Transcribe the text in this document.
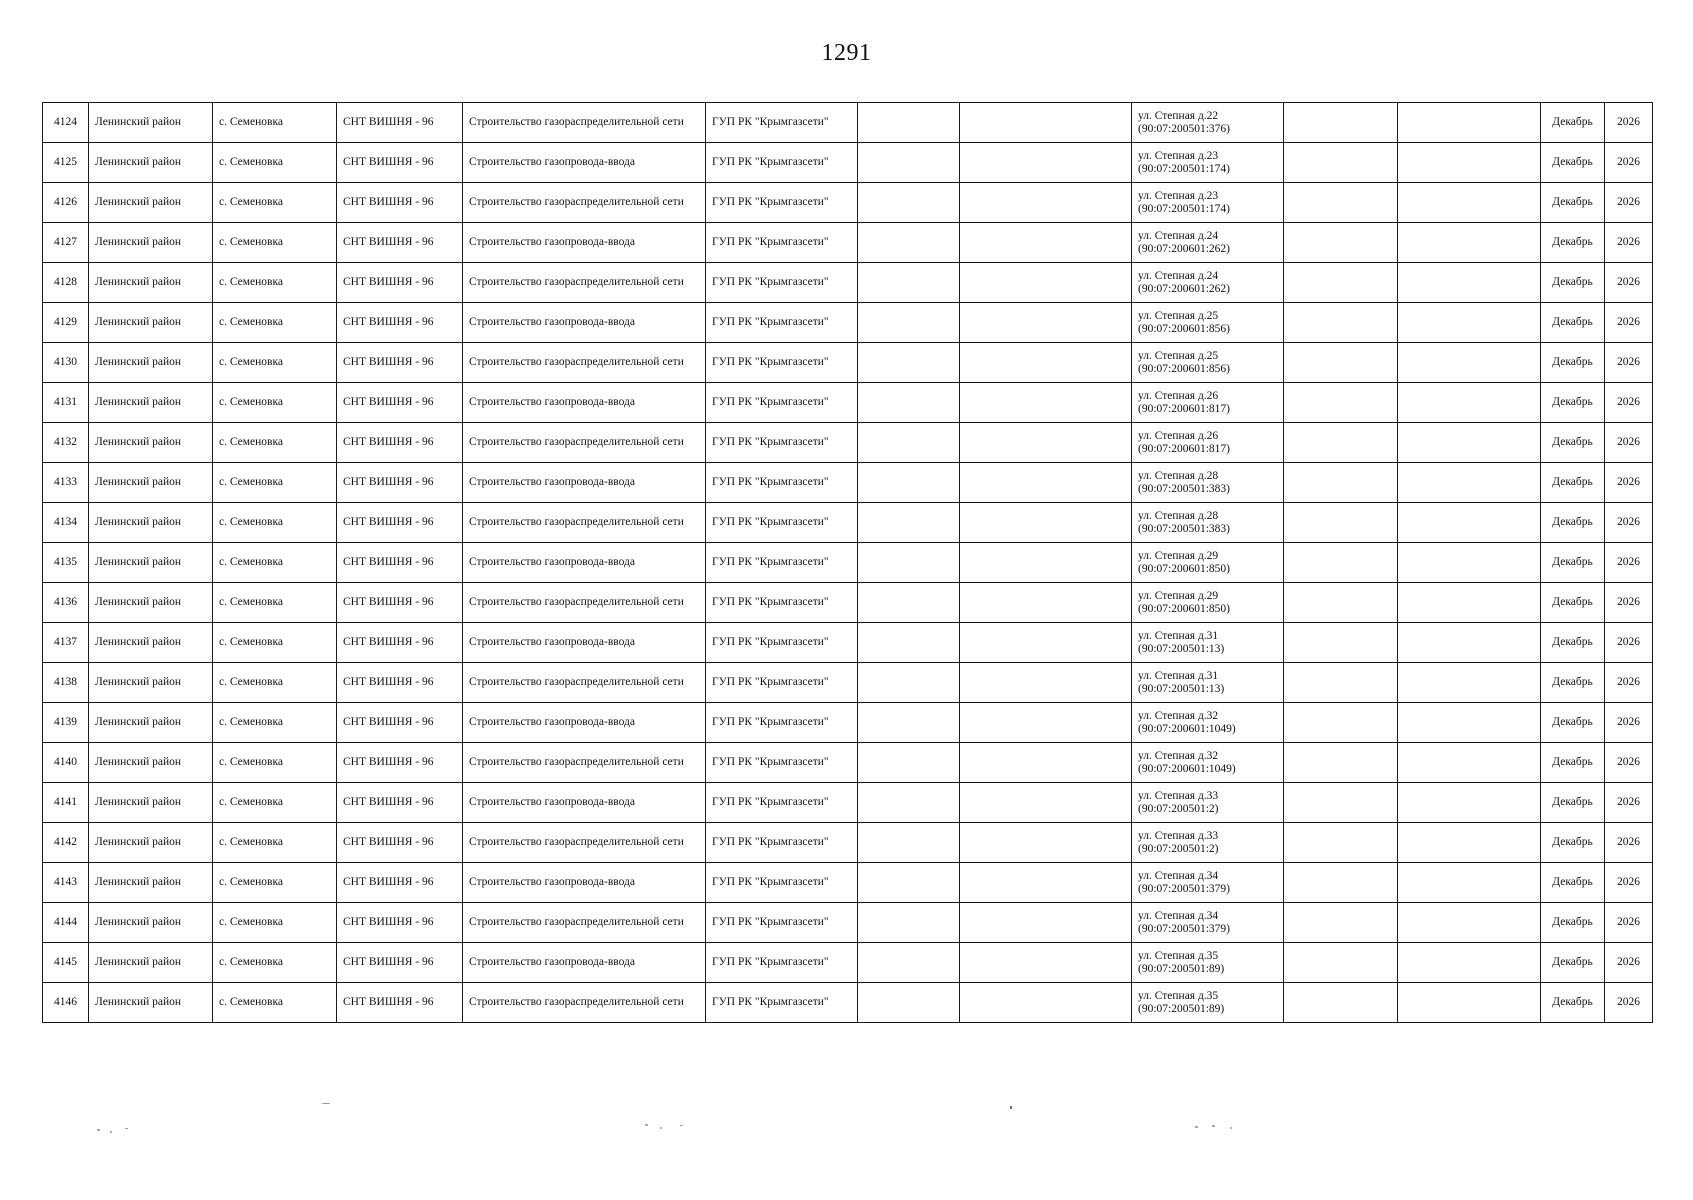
1291
4124	Ленинский район	с. Семеновка	СНТ ВИШНЯ - 96	Строительство газораспределительной сети	ГУП РК "Крымгазсети"			ул. Степная д.22
(90:07:200501:376)			Декабрь	2026
4125	Ленинский район	с. Семеновка	СНТ ВИШНЯ - 96	Строительство газопровода-ввода	ГУП РК "Крымгазсети"			ул. Степная д.23
(90:07:200501:174)			Декабрь	2026
4126	Ленинский район	с. Семеновка	СНТ ВИШНЯ - 96	Строительство газораспределительной сети	ГУП РК "Крымгазсети"			ул. Степная д.23
(90:07:200501:174)			Декабрь	2026
4127	Ленинский район	с. Семеновка	СНТ ВИШНЯ - 96	Строительство газопровода-ввода	ГУП РК "Крымгазсети"			ул. Степная д.24
(90:07:200601:262)			Декабрь	2026
4128	Ленинский район	с. Семеновка	СНТ ВИШНЯ - 96	Строительство газораспределительной сети	ГУП РК "Крымгазсети"			ул. Степная д.24
(90:07:200601:262)			Декабрь	2026
4129	Ленинский район	с. Семеновка	СНТ ВИШНЯ - 96	Строительство газопровода-ввода	ГУП РК "Крымгазсети"			ул. Степная д.25
(90:07:200601:856)			Декабрь	2026
4130	Ленинский район	с. Семеновка	СНТ ВИШНЯ - 96	Строительство газораспределительной сети	ГУП РК "Крымгазсети"			ул. Степная д.25
(90:07:200601:856)			Декабрь	2026
4131	Ленинский район	с. Семеновка	СНТ ВИШНЯ - 96	Строительство газопровода-ввода	ГУП РК "Крымгазсети"			ул. Степная д.26
(90:07:200601:817)			Декабрь	2026
4132	Ленинский район	с. Семеновка	СНТ ВИШНЯ - 96	Строительство газораспределительной сети	ГУП РК "Крымгазсети"			ул. Степная д.26
(90:07:200601:817)			Декабрь	2026
4133	Ленинский район	с. Семеновка	СНТ ВИШНЯ - 96	Строительство газопровода-ввода	ГУП РК "Крымгазсети"			ул. Степная д.28
(90:07:200501:383)			Декабрь	2026
4134	Ленинский район	с. Семеновка	СНТ ВИШНЯ - 96	Строительство газораспределительной сети	ГУП РК "Крымгазсети"			ул. Степная д.28
(90:07:200501:383)			Декабрь	2026
4135	Ленинский район	с. Семеновка	СНТ ВИШНЯ - 96	Строительство газопровода-ввода	ГУП РК "Крымгазсети"			ул. Степная д.29
(90:07:200601:850)			Декабрь	2026
4136	Ленинский район	с. Семеновка	СНТ ВИШНЯ - 96	Строительство газораспределительной сети	ГУП РК "Крымгазсети"			ул. Степная д.29
(90:07:200601:850)			Декабрь	2026
4137	Ленинский район	с. Семеновка	СНТ ВИШНЯ - 96	Строительство газопровода-ввода	ГУП РК "Крымгазсети"			ул. Степная д.31
(90:07:200501:13)			Декабрь	2026
4138	Ленинский район	с. Семеновка	СНТ ВИШНЯ - 96	Строительство газораспределительной сети	ГУП РК "Крымгазсети"			ул. Степная д.31
(90:07:200501:13)			Декабрь	2026
4139	Ленинский район	с. Семеновка	СНТ ВИШНЯ - 96	Строительство газопровода-ввода	ГУП РК "Крымгазсети"			ул. Степная д.32
(90:07:200601:1049)			Декабрь	2026
4140	Ленинский район	с. Семеновка	СНТ ВИШНЯ - 96	Строительство газораспределительной сети	ГУП РК "Крымгазсети"			ул. Степная д.32
(90:07:200601:1049)			Декабрь	2026
4141	Ленинский район	с. Семеновка	СНТ ВИШНЯ - 96	Строительство газопровода-ввода	ГУП РК "Крымгазсети"			ул. Степная д.33
(90:07:200501:2)			Декабрь	2026
4142	Ленинский район	с. Семеновка	СНТ ВИШНЯ - 96	Строительство газораспределительной сети	ГУП РК "Крымгазсети"			ул. Степная д.33
(90:07:200501:2)			Декабрь	2026
4143	Ленинский район	с. Семеновка	СНТ ВИШНЯ - 96	Строительство газопровода-ввода	ГУП РК "Крымгазсети"			ул. Степная д.34
(90:07:200501:379)			Декабрь	2026
4144	Ленинский район	с. Семеновка	СНТ ВИШНЯ - 96	Строительство газораспределительной сети	ГУП РК "Крымгазсети"			ул. Степная д.34
(90:07:200501:379)			Декабрь	2026
4145	Ленинский район	с. Семеновка	СНТ ВИШНЯ - 96	Строительство газопровода-ввода	ГУП РК "Крымгазсети"			ул. Степная д.35
(90:07:200501:89)			Декабрь	2026
4146	Ленинский район	с. Семеновка	СНТ ВИШНЯ - 96	Строительство газораспределительной сети	ГУП РК "Крымгазсети"			ул. Степная д.35
(90:07:200501:89)			Декабрь	2026
